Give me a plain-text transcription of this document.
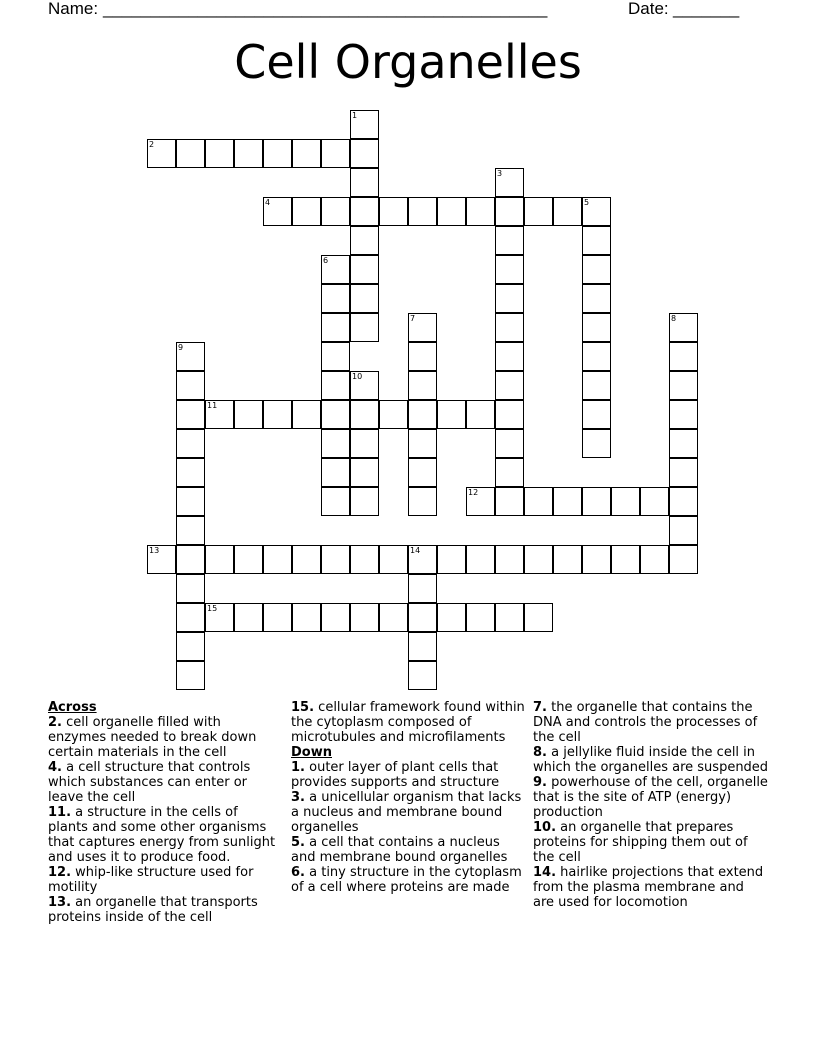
Name: _______________________________________________	Date: _______
Cell Organelles
1
2
3
4	5
6
7	8
9
10
11
12
13	14
15
Across

2. cell organelle filled with enzymes needed to break down certain materials in the cell

4. a cell structure that controls which substances can enter or leave the cell

11. a structure in the cells of plants and some other organisms that captures energy from sunlight and uses it to produce food.

12. whip-like structure used for motility

13. an organelle that transports proteins inside of the cell

15. cellular framework found within the cytoplasm composed of microtubules and microfilaments

Down

1. outer layer of plant cells that provides supports and structure

3. a unicellular organism that lacks a nucleus and membrane bound organelles

5. a cell that contains a nucleus and membrane bound organelles

6. a tiny structure in the cytoplasm of a cell where proteins are made

7. the organelle that contains the DNA and controls the processes of the cell

8. a jellylike fluid inside the cell in which the organelles are suspended

9. powerhouse of the cell, organelle that is the site of ATP (energy) production

10. an organelle that prepares proteins for shipping them out of the cell

14. hairlike projections that extend from the plasma membrane and are used for locomotion
